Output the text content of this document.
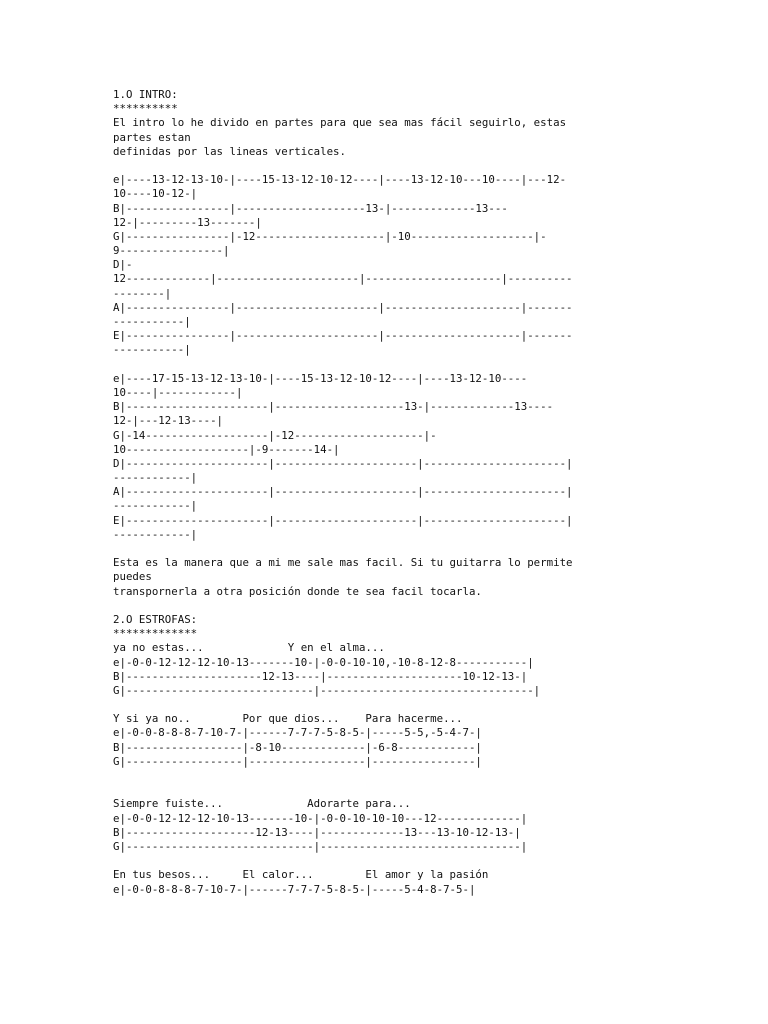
1.O INTRO:
**********
El intro lo he divido en partes para que sea mas fácil seguirlo, estas
partes estan
definidas por las lineas verticales.
e|----13-12-13-10-|----15-13-12-10-12----|----13-12-10---10----|---12-
10----10-12-|
B|----------------|--------------------13-|-------------13---
12-|---------13-------|
G|----------------|-12--------------------|-10-------------------|-
9----------------|
D|-
12-------------|----------------------|---------------------|----------
--------|
A|----------------|----------------------|---------------------|-------
-----------|
E|----------------|----------------------|---------------------|-------
-----------|
e|----17-15-13-12-13-10-|----15-13-12-10-12----|----13-12-10----
10----|------------|
B|----------------------|--------------------13-|-------------13----
12-|---12-13----|
G|-14-------------------|-12--------------------|-
10-------------------|-9-------14-|
D|----------------------|----------------------|----------------------|
------------|
A|----------------------|----------------------|----------------------|
------------|
E|----------------------|----------------------|----------------------|
------------|
Esta es la manera que a mi me sale mas facil. Si tu guitarra lo permite
puedes
transpornerla a otra posición donde te sea facil tocarla.
2.O ESTROFAS:
*************
ya no estas...             Y en el alma...
e|-0-0-12-12-12-10-13-------10-|-0-0-10-10,-10-8-12-8-----------|
B|---------------------12-13----|---------------------10-12-13-|
G|-----------------------------|---------------------------------|
Y si ya no..        Por que dios...    Para hacerme...
e|-0-0-8-8-8-7-10-7-|------7-7-7-5-8-5-|-----5-5,-5-4-7-|
B|------------------|-8-10-------------|-6-8------------|
G|------------------|------------------|----------------|
Siempre fuiste...             Adorarte para...
e|-0-0-12-12-12-10-13-------10-|-0-0-10-10-10---12-------------|
B|--------------------12-13----|-------------13---13-10-12-13-|
G|-----------------------------|-------------------------------|
En tus besos...     El calor...        El amor y la pasión
e|-0-0-8-8-8-7-10-7-|------7-7-7-5-8-5-|-----5-4-8-7-5-|
